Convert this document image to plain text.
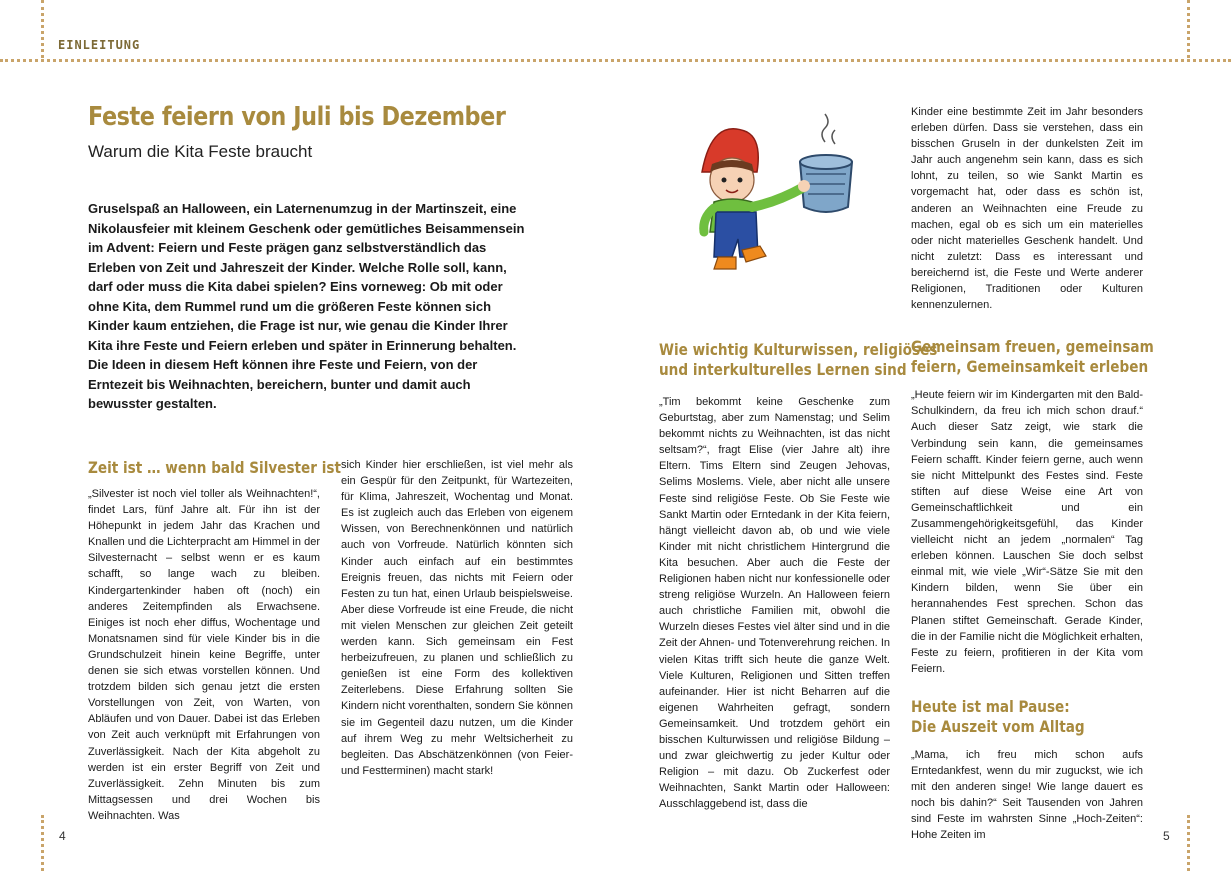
EINLEITUNG
Feste feiern von Juli bis Dezember
Warum die Kita Feste braucht
Gruselspaß an Halloween, ein Laternenumzug in der Martinszeit, eine Nikolausfeier mit kleinem Geschenk oder gemütliches Beisammensein im Advent: Feiern und Feste prägen ganz selbstverständlich das Erleben von Zeit und Jahreszeit der Kinder. Welche Rolle soll, kann, darf oder muss die Kita dabei spielen? Eins vorneweg: Ob mit oder ohne Kita, dem Rummel rund um die größeren Feste können sich Kinder kaum entziehen, die Frage ist nur, wie genau die Kinder Ihrer Kita ihre Feste und Feiern erleben und später in Erinnerung behalten. Die Ideen in diesem Heft können ihre Feste und Feiern, von der Erntezeit bis Weihnachten, bereichern, bunter und damit auch bewusster gestalten.
Zeit ist … wenn bald Silvester ist

„Silvester ist noch viel toller als Weihnachten!“, findet Lars, fünf Jahre alt. Für ihn ist der Höhepunkt in jedem Jahr das Krachen und Knallen und die Lichterpracht am Himmel in der Silvesternacht – selbst wenn er es kaum schafft, so lange wach zu bleiben. Kindergartenkinder haben oft (noch) ein anderes Zeitempfinden als Erwachsene. Einiges ist noch eher diffus, Wochentage und Monatsnamen sind für viele Kinder bis in die Grundschulzeit hinein keine Begriffe, unter denen sie sich etwas vorstellen können. Und trotzdem bilden sich genau jetzt die ersten Vorstellungen von Zeit, von Warten, von Abläufen und von Dauer. Dabei ist das Erleben von Zeit auch verknüpft mit Erfahrungen von Zuverlässigkeit. Nach der Kita abgeholt zu werden ist ein erster Begriff von Zeit und Zuverlässigkeit. Zehn Minuten bis zum Mittagsessen und drei Wochen bis Weihnachten. Was

sich Kinder hier erschließen, ist viel mehr als ein Gespür für den Zeitpunkt, für Wartezeiten, für Klima, Jahreszeit, Wochentag und Monat. Es ist zugleich auch das Erleben von eigenem Wissen, von Berechnenkönnen und natürlich auch von Vorfreude. Natürlich könnten sich Kinder auch einfach auf ein bestimmtes Ereignis freuen, das nichts mit Feiern oder Festen zu tun hat, einen Urlaub beispielsweise. Aber diese Vorfreude ist eine Freude, die nicht mit vielen Menschen zur gleichen Zeit geteilt werden kann. Sich gemeinsam ein Fest herbeizufreuen, zu planen und schließlich zu genießen ist eine Form des kollektiven Zeiterlebens. Diese Erfahrung sollten Sie Kindern nicht vorenthalten, sondern Sie können sie im Gegenteil dazu nutzen, um die Kinder auf ihrem Weg zu mehr Weltsicherheit zu begleiten. Das Abschätzenkönnen (von Feier- und Festterminen) macht stark!

Wie wichtig Kulturwissen, religiöses
und interkulturelles Lernen sind

„Tim bekommt keine Geschenke zum Geburtstag, aber zum Namenstag; und Selim bekommt nichts zu Weihnachten, ist das nicht seltsam?“, fragt Elise (vier Jahre alt) ihre Eltern. Tims Eltern sind Zeugen Jehovas, Selims Moslems. Viele, aber nicht alle unsere Feste sind religiöse Feste. Ob Sie Feste wie Sankt Martin oder Erntedank in der Kita feiern, hängt vielleicht davon ab, ob und wie viele Kinder mit nicht christlichem Hintergrund die Kita besuchen. Aber auch die Feste der Religionen haben nicht nur konfessionelle oder streng religiöse Wurzeln. An Halloween feiern auch christliche Familien mit, obwohl die Wurzeln dieses Festes viel älter sind und in die Zeit der Ahnen- und Totenverehrung reichen. In vielen Kitas trifft sich heute die ganze Welt. Viele Kulturen, Religionen und Sitten treffen aufeinander. Hier ist nicht Beharren auf die eigenen Wahrheiten gefragt, sondern Gemeinsamkeit. Und trotzdem gehört ein bisschen Kulturwissen und religiöse Bildung – und zwar gleichwertig zu jeder Kultur oder Religion – mit dazu. Ob Zuckerfest oder Weihnachten, Sankt Martin oder Halloween: Ausschlaggebend ist, dass die

Kinder eine bestimmte Zeit im Jahr besonders erleben dürfen. Dass sie verstehen, dass ein bisschen Gruseln in der dunkelsten Zeit im Jahr auch angenehm sein kann, dass es sich lohnt, zu teilen, so wie Sankt Martin es vorgemacht hat, oder dass es schön ist, anderen an Weihnachten eine Freude zu machen, egal ob es sich um ein materielles oder nicht materielles Geschenk handelt. Und nicht zuletzt: Dass es interessant und bereichernd ist, die Feste und Werte anderer Religionen, Traditionen oder Kulturen kennenzulernen.

Gemeinsam freuen, gemeinsam
feiern, Gemeinsamkeit erleben

„Heute feiern wir im Kindergarten mit den Bald-Schulkindern, da freu ich mich schon drauf.“ Auch dieser Satz zeigt, wie stark die Verbindung sein kann, die gemeinsames Feiern schafft. Kinder feiern gerne, auch wenn sie nicht Mittelpunkt des Festes sind. Feste stiften auf diese Weise eine Art von Gemeinschaftlichkeit und ein Zusammengehörigkeitsgefühl, das Kinder vielleicht nicht an jedem „normalen“ Tag erleben können. Lauschen Sie doch selbst einmal mit, wie viele „Wir“-Sätze Sie mit den Kindern bilden, wenn Sie über ein herannahendes Fest sprechen. Schon das Planen stiftet Gemeinschaft. Gerade Kinder, die in der Familie nicht die Möglichkeit erhalten, Feste zu feiern, profitieren in der Kita vom Feiern.

Heute ist mal Pause:
Die Auszeit vom Alltag

„Mama, ich freu mich schon aufs Erntedankfest, wenn du mir zuguckst, wie ich mit den anderen singe! Wie lange dauert es noch bis dahin?“ Seit Tausenden von Jahren sind Feste im wahrsten Sinne „Hoch-Zeiten“: Hohe Zeiten im

4	5
